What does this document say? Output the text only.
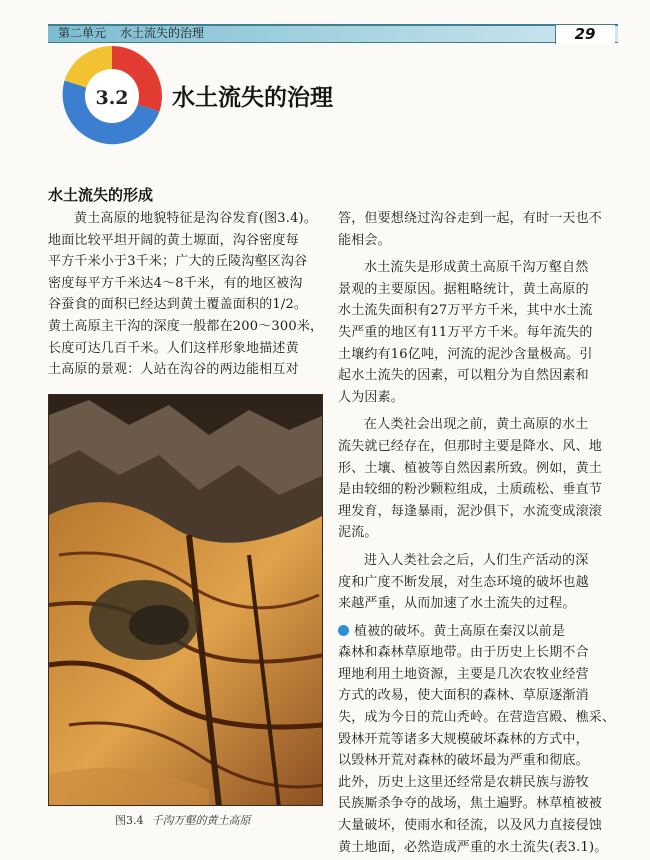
第二单元 水土流失的治理	29
3.2 水土流失的治理
水土流失的形成
黄土高原的地貌特征是沟谷发育(图3.4)。
地面比较平坦开阔的黄土塬面，沟谷密度每
平方千米小于3千米；广大的丘陵沟壑区沟谷
密度每平方千米达4～8千米，有的地区被沟
谷蚕食的面积已经达到黄土覆盖面积的1/2。
黄土高原主干沟的深度一般都在200～300米，
长度可达几百千米。人们这样形象地描述黄
土高原的景观：人站在沟谷的两边能相互对
图3.4 千沟万壑的黄土高原
答，但要想绕过沟谷走到一起，有时一天也不
能相会。
水土流失是形成黄土高原千沟万壑自然
景观的主要原因。据粗略统计，黄土高原的
水土流失面积有27万平方千米，其中水土流
失严重的地区有11万平方千米。每年流失的
土壤约有16亿吨，河流的泥沙含量极高。引
起水土流失的因素，可以粗分为自然因素和
人为因素。
在人类社会出现之前，黄土高原的水土
流失就已经存在，但那时主要是降水、风、地
形、土壤、植被等自然因素所致。例如，黄土
是由较细的粉沙颗粒组成，土质疏松、垂直节
理发育，每逢暴雨，泥沙俱下，水流变成滚滚
泥流。
进入人类社会之后，人们生产活动的深
度和广度不断发展，对生态环境的破坏也越
来越严重，从而加速了水土流失的过程。
植被的破坏。黄土高原在秦汉以前是
森林和森林草原地带。由于历史上长期不合
理地利用土地资源，主要是几次农牧业经营
方式的改易，使大面积的森林、草原逐渐消
失，成为今日的荒山秃岭。在营造宫殿、樵采、
毁林开荒等诸多大规模破坏森林的方式中，
以毁林开荒对森林的破坏最为严重和彻底。
此外，历史上这里还经常是农耕民族与游牧
民族厮杀争夺的战场，焦土遍野。林草植被被
大量破坏，使雨水和径流，以及风力直接侵蚀
黄土地面，必然造成严重的水土流失(表3.1)。
